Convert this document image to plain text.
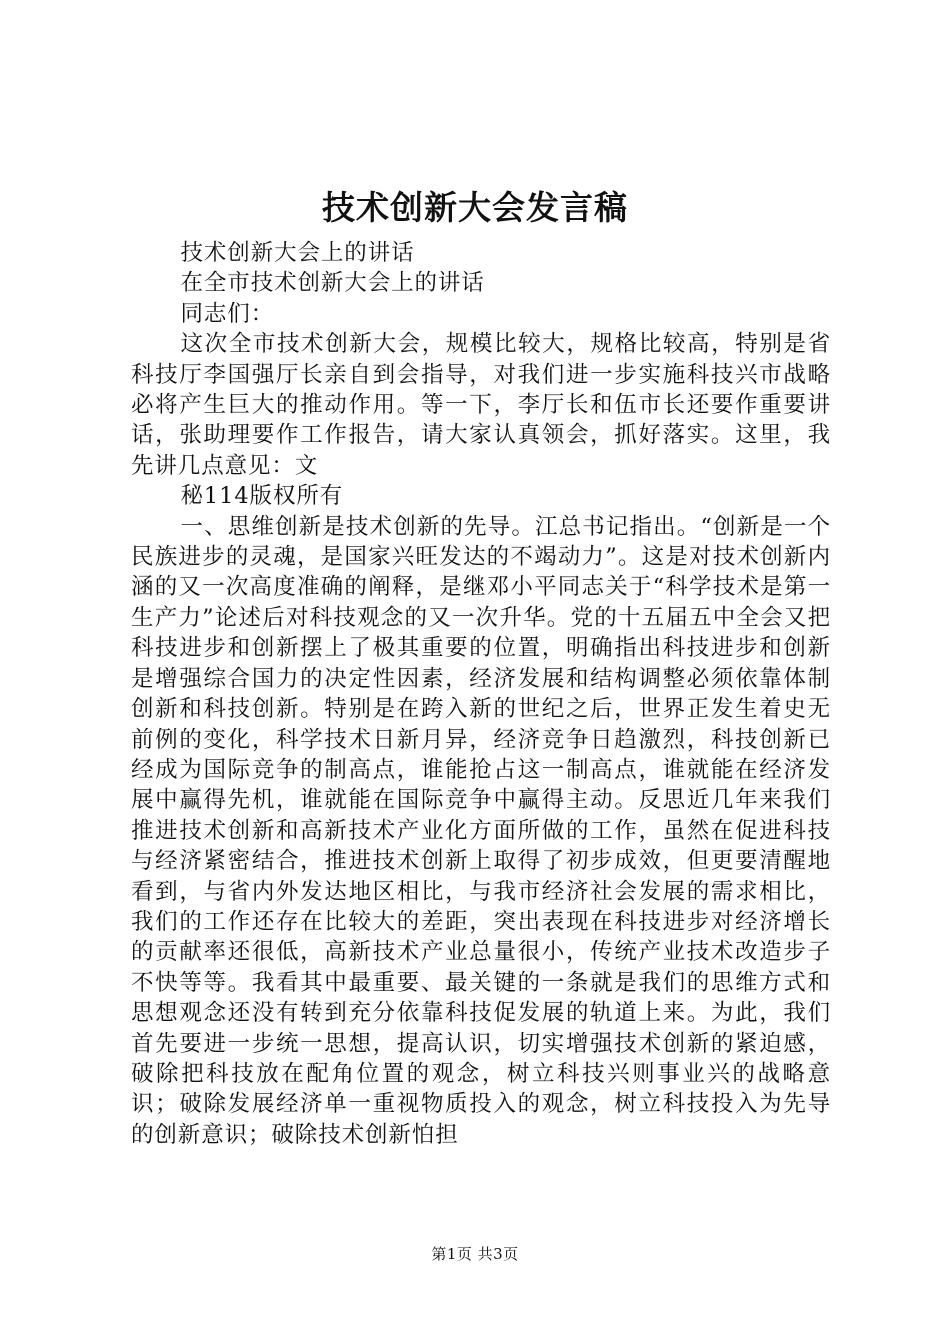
技术创新大会发言稿

技术创新大会上的讲话

在全市技术创新大会上的讲话

同志们：

这次全市技术创新大会，规模比较大，规格比较高，特别是省科技厅李国强厅长亲自到会指导，对我们进一步实施科技兴市战略必将产生巨大的推动作用。等一下，李厅长和伍市长还要作重要讲话，张助理要作工作报告，请大家认真领会，抓好落实。这里，我先讲几点意见：文

秘114版权所有

一、思维创新是技术创新的先导。江总书记指出。“创新是一个民族进步的灵魂，是国家兴旺发达的不竭动力”。这是对技术创新内涵的又一次高度准确的阐释，是继邓小平同志关于“科学技术是第一生产力”论述后对科技观念的又一次升华。党的十五届五中全会又把科技进步和创新摆上了极其重要的位置，明确指出科技进步和创新是增强综合国力的决定性因素，经济发展和结构调整必须依靠体制创新和科技创新。特别是在跨入新的世纪之后，世界正发生着史无前例的变化，科学技术日新月异，经济竞争日趋激烈，科技创新已经成为国际竞争的制高点，谁能抢占这一制高点，谁就能在经济发展中赢得先机，谁就能在国际竞争中赢得主动。反思近几年来我们推进技术创新和高新技术产业化方面所做的工作，虽然在促进科技与经济紧密结合，推进技术创新上取得了初步成效，但更要清醒地看到，与省内外发达地区相比，与我市经济社会发展的需求相比，我们的工作还存在比较大的差距，突出表现在科技进步对经济增长的贡献率还很低，高新技术产业总量很小，传统产业技术改造步子不快等等。我看其中最重要、最关键的一条就是我们的思维方式和思想观念还没有转到充分依靠科技促发展的轨道上来。为此，我们首先要进一步统一思想，提高认识，切实增强技术创新的紧迫感，破除把科技放在配角位置的观念，树立科技兴则事业兴的战略意识；破除发展经济单一重视物质投入的观念，树立科技投入为先导的创新意识；破除技术创新怕担

第1页 共3页
